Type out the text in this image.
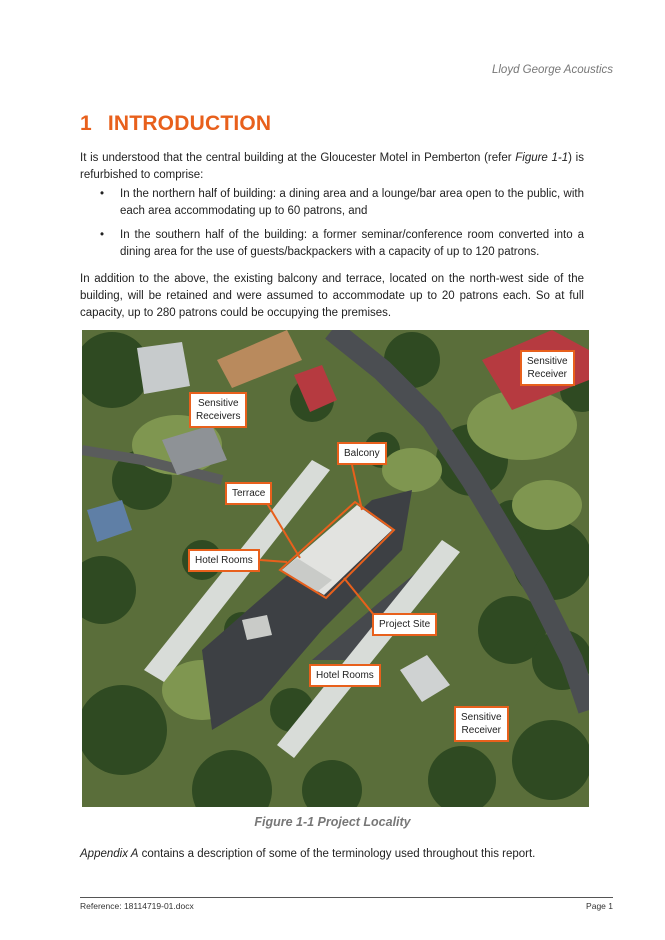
Lloyd George Acoustics
1 INTRODUCTION
It is understood that the central building at the Gloucester Motel in Pemberton (refer Figure 1-1) is refurbished to comprise:
• In the northern half of building: a dining area and a lounge/bar area open to the public, with each area accommodating up to 60 patrons, and
• In the southern half of the building: a former seminar/conference room converted into a dining area for the use of guests/backpackers with a capacity of up to 120 patrons.
In addition to the above, the existing balcony and terrace, located on the north-west side of the building, will be retained and were assumed to accommodate up to 20 patrons each. So at full capacity, up to 280 patrons could be occupying the premises.
Sensitive
Receiver
Sensitive
Receivers
Balcony
Terrace
Hotel Rooms
Project Site
Hotel Rooms
Sensitive
Receiver
Figure 1-1 Project Locality
Appendix A contains a description of some of the terminology used throughout this report.
Reference: 18114719-01.docx	Page 1
